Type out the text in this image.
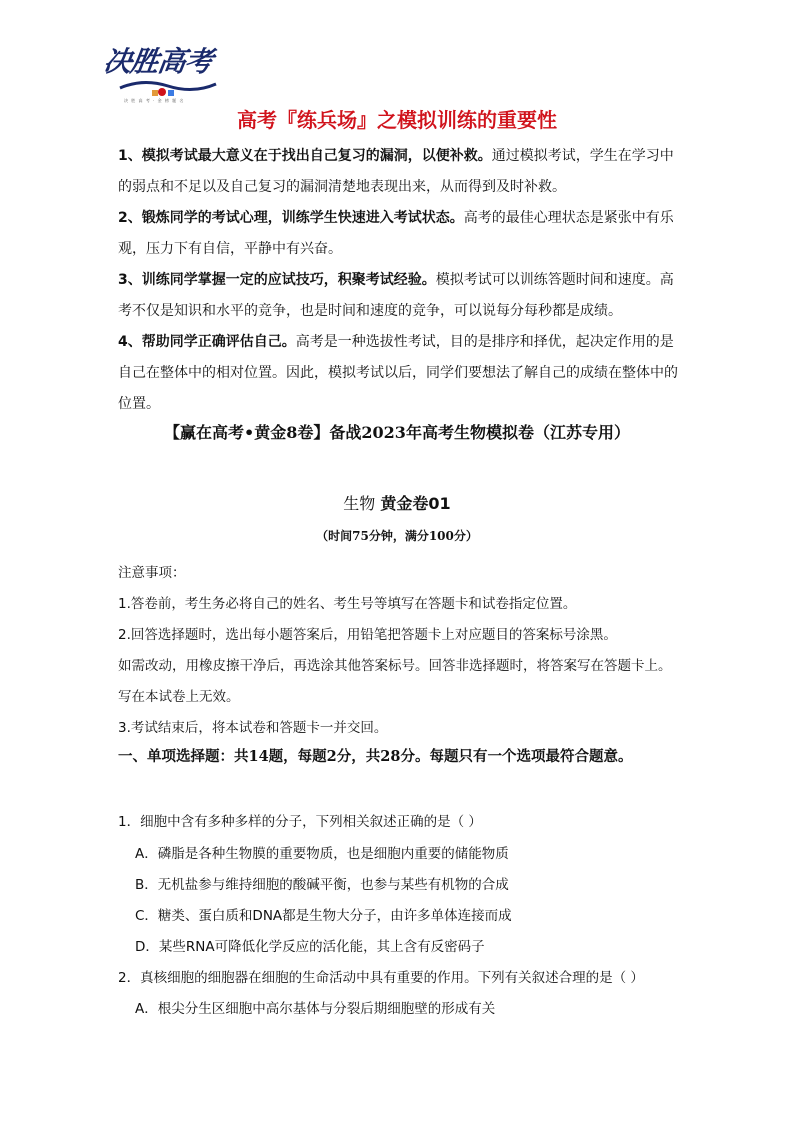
决胜高考
决 胜 高 考 · 金 榜 题 名
高考『练兵场』之模拟训练的重要性
1、模拟考试最大意义在于找出自己复习的漏洞，以便补救。通过模拟考试，学生在学习中的弱点和不足以及自己复习的漏洞清楚地表现出来，从而得到及时补救。
2、锻炼同学的考试心理，训练学生快速进入考试状态。高考的最佳心理状态是紧张中有乐观，压力下有自信，平静中有兴奋。
3、训练同学掌握一定的应试技巧，积聚考试经验。模拟考试可以训练答题时间和速度。高考不仅是知识和水平的竞争，也是时间和速度的竞争，可以说每分每秒都是成绩。
4、帮助同学正确评估自己。高考是一种选拔性考试，目的是排序和择优，起决定作用的是自己在整体中的相对位置。因此，模拟考试以后，同学们要想法了解自己的成绩在整体中的位置。
【赢在高考•黄金8卷】备战2023年高考生物模拟卷（江苏专用）
生物 黄金卷01
（时间75分钟，满分100分）
注意事项：
1.答卷前，考生务必将自己的姓名、考生号等填写在答题卡和试卷指定位置。
2.回答选择题时，选出每小题答案后，用铅笔把答题卡上对应题目的答案标号涂黑。
如需改动，用橡皮擦干净后，再选涂其他答案标号。回答非选择题时，将答案写在答题卡上。
写在本试卷上无效。
3.考试结束后，将本试卷和答题卡一并交回。
一、单项选择题：共14题，每题2分，共28分。每题只有一个选项最符合题意。
1．细胞中含有多种多样的分子，下列相关叙述正确的是（ ）
A．磷脂是各种生物膜的重要物质，也是细胞内重要的储能物质
B．无机盐参与维持细胞的酸碱平衡，也参与某些有机物的合成
C．糖类、蛋白质和DNA都是生物大分子，由许多单体连接而成
D．某些RNA可降低化学反应的活化能，其上含有反密码子
2．真核细胞的细胞器在细胞的生命活动中具有重要的作用。下列有关叙述合理的是（ ）
A．根尖分生区细胞中高尔基体与分裂后期细胞壁的形成有关
